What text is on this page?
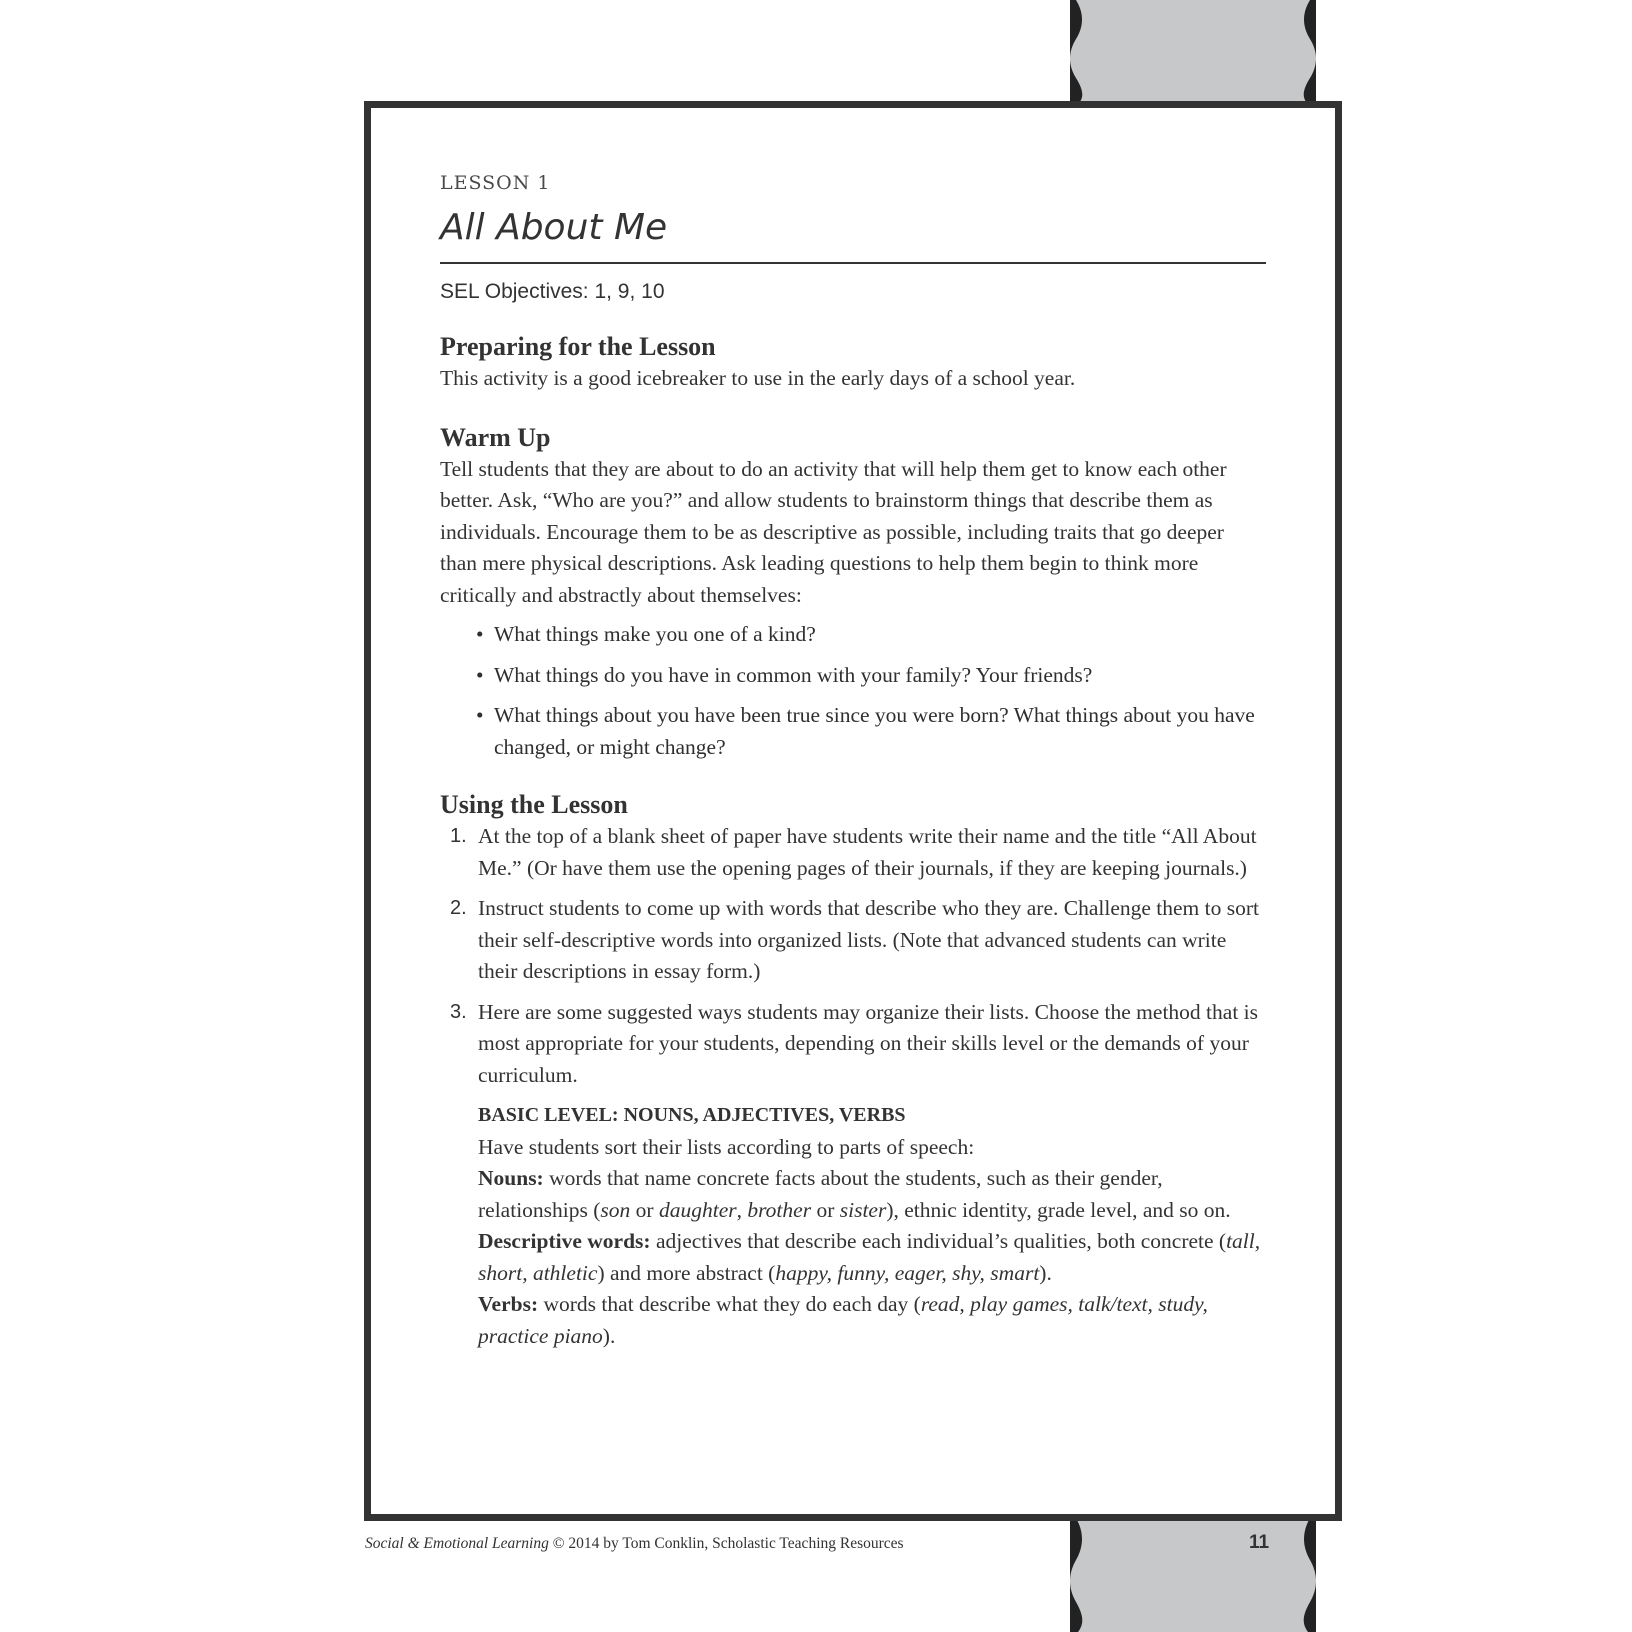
LESSON 1

All About Me

SEL Objectives: 1, 9, 10

Preparing for the Lesson

This activity is a good icebreaker to use in the early days of a school year.

Warm Up

Tell students that they are about to do an activity that will help them get to know each other better. Ask, “Who are you?” and allow students to brainstorm things that describe them as individuals. Encourage them to be as descriptive as possible, including traits that go deeper than mere physical descriptions. Ask leading questions to help them begin to think more critically and abstractly about themselves:

• What things make you one of a kind?
• What things do you have in common with your family? Your friends?
• What things about you have been true since you were born? What things about you have changed, or might change?
Using the Lesson
1. At the top of a blank sheet of paper have students write their name and the title “All About Me.” (Or have them use the opening pages of their journals, if they are keeping journals.)
2. Instruct students to come up with words that describe who they are. Challenge them to sort their self-descriptive words into organized lists. (Note that advanced students can write their descriptions in essay form.)
3. Here are some suggested ways students may organize their lists. Choose the method that is most appropriate for your students, depending on their skills level or the demands of your curriculum.

BASIC LEVEL: NOUNS, ADJECTIVES, VERBS

Have students sort their lists according to parts of speech:

Nouns: words that name concrete facts about the students, such as their gender, relationships (son or daughter, brother or sister), ethnic identity, grade level, and so on.

Descriptive words: adjectives that describe each individual’s qualities, both concrete (tall, short, athletic) and more abstract (happy, funny, eager, shy, smart).

Verbs: words that describe what they do each day (read, play games, talk/text, study, practice piano).

Social & Emotional Learning © 2014 by Tom Conklin, Scholastic Teaching Resources	11
